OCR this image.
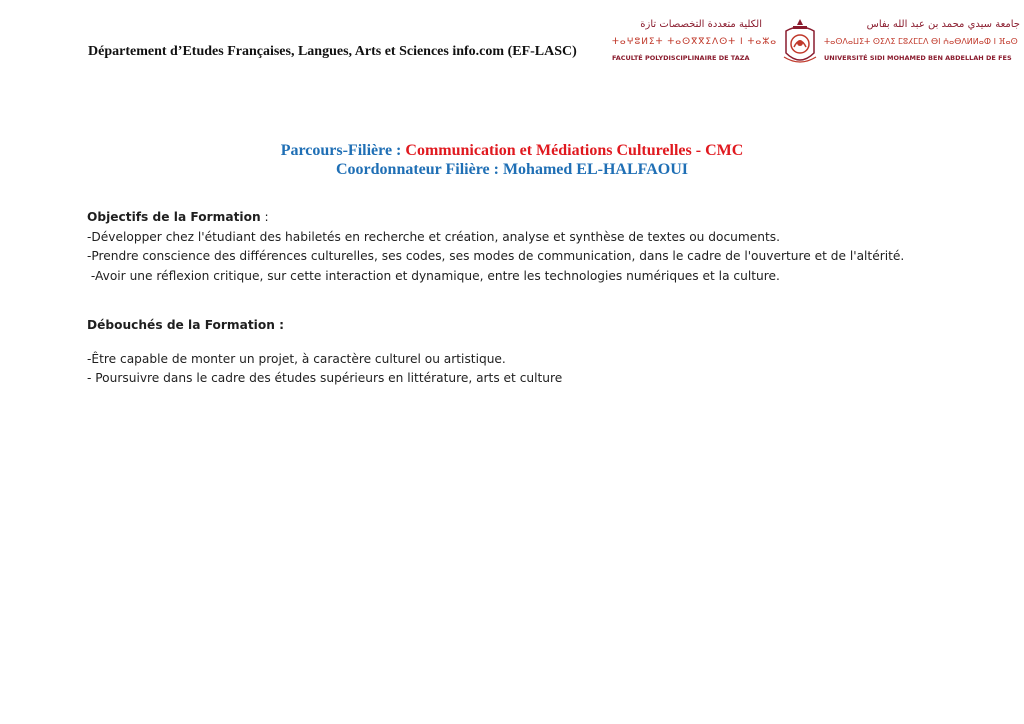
Département d’Etudes Françaises, Langues, Arts et Sciences info.com (EF-LASC)
الكلية متعددة التخصصات تازة
ⵜⴰⵖⵓⵍⵉⵜ ⵜⴰⵙⴳⴳⵉⴷⵙⵜ ⵏ ⵜⴰⵣⴰ
FACULTÉ POLYDISCIPLINAIRE DE TAZA
جامعة سيدي محمد بن عبد الله بفاس
ⵜⴰⵙⴷⴰⵡⵉⵜ ⵙⵉⴷⵉ ⵎⵓⵃⵎⵎⴷ ⴱⵏ ⵄⴰⴱⴷⵍⵍⴰⵀ ⵏ ⴼⴰⵙ
UNIVERSITÉ SIDI MOHAMED BEN ABDELLAH DE FES
Parcours-Filière : Communication et Médiations Culturelles - CMC
Coordonnateur Filière : Mohamed EL-HALFAOUI

Objectifs de la Formation :

-Développer chez l'étudiant des habiletés en recherche et création, analyse et synthèse de textes ou documents.

-Prendre conscience des différences culturelles, ses codes, ses modes de communication, dans le cadre de l'ouverture et de l'altérité.

-Avoir une réflexion critique, sur cette interaction et dynamique, entre les technologies numériques et la culture.

Débouchés de la Formation :

-Être capable de monter un projet, à caractère culturel ou artistique.

- Poursuivre dans le cadre des études supérieurs en littérature, arts et culture
